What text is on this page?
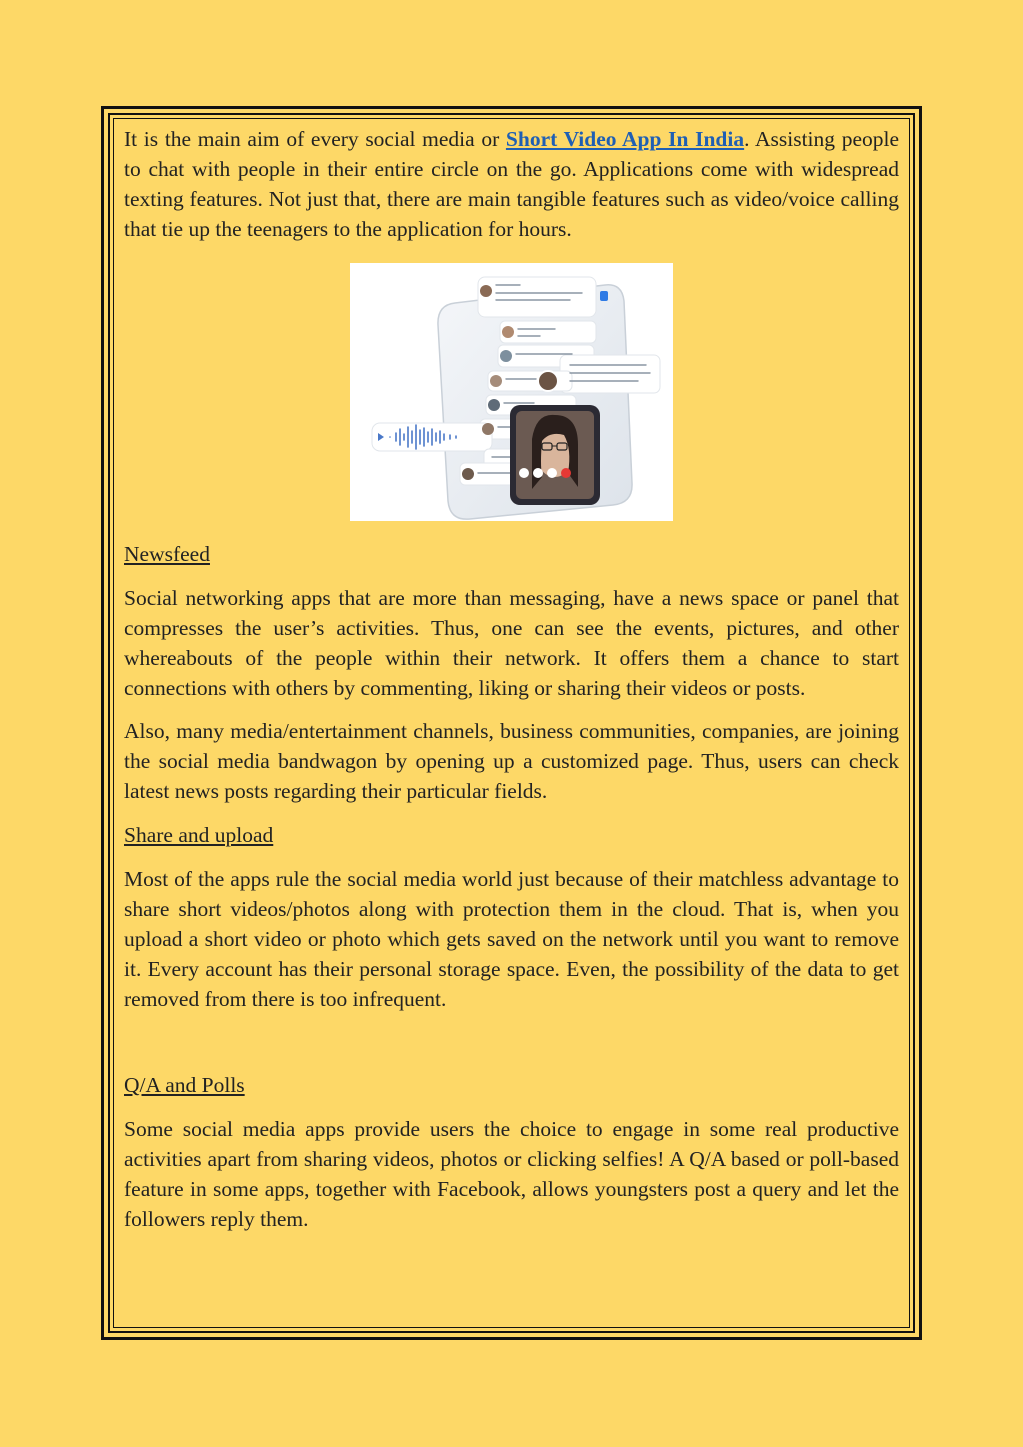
It is the main aim of every social media or Short Video App In India. Assisting people to chat with people in their entire circle on the go. Applications come with widespread texting features. Not just that, there are main tangible features such as video/voice calling that tie up the teenagers to the application for hours.

Newsfeed

Social networking apps that are more than messaging, have a news space or panel that compresses the user’s activities. Thus, one can see the events, pictures, and other whereabouts of the people within their network. It offers them a chance to start connections with others by commenting, liking or sharing their videos or posts.

Also, many media/entertainment channels, business communities, companies, are joining the social media bandwagon by opening up a customized page. Thus, users can check latest news posts regarding their particular fields.

Share and upload

Most of the apps rule the social media world just because of their matchless advantage to share short videos/photos along with protection them in the cloud. That is, when you upload a short video or photo which gets saved on the network until you want to remove it. Every account has their personal storage space. Even, the possibility of the data to get removed from there is too infrequent.

Q/A and Polls

Some social media apps provide users the choice to engage in some real productive activities apart from sharing videos, photos or clicking selfies! A Q/A based or poll-based feature in some apps, together with Facebook, allows youngsters post a query and let the followers reply them.
